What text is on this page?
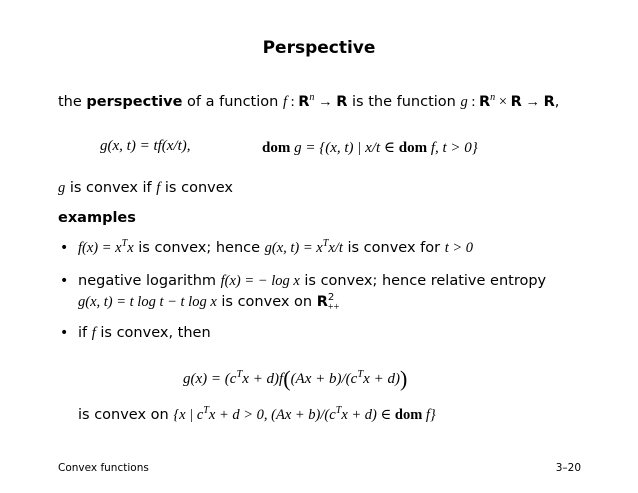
Perspective
the perspective of a function f : $R^n \to R$ is the function g : $R^n \times R \to R$,
g(x, t) = tf(x/t),	dom g = {(x, t) | x/t ∈ dom f, t > 0}
g is convex if f is convex
examples
• $f(x) = x^Tx$ is convex; hence g(x, $t) = x^Tx/t$ is convex for t > 0
• negative logarithm f(x) = − log x is convex; hence relative entropy
g(x, t) = t log t − t log x is convex on R 2
++
• if f is convex, then
$g(x) = (c^Tx + d)f((Ax + b)/(c^Tx + d))$
is convex on {x | $c^Tx + d > 0$, $(Ax + b)/(c^Tx + d)$ ∈ dom f}
Convex functions	3–20
